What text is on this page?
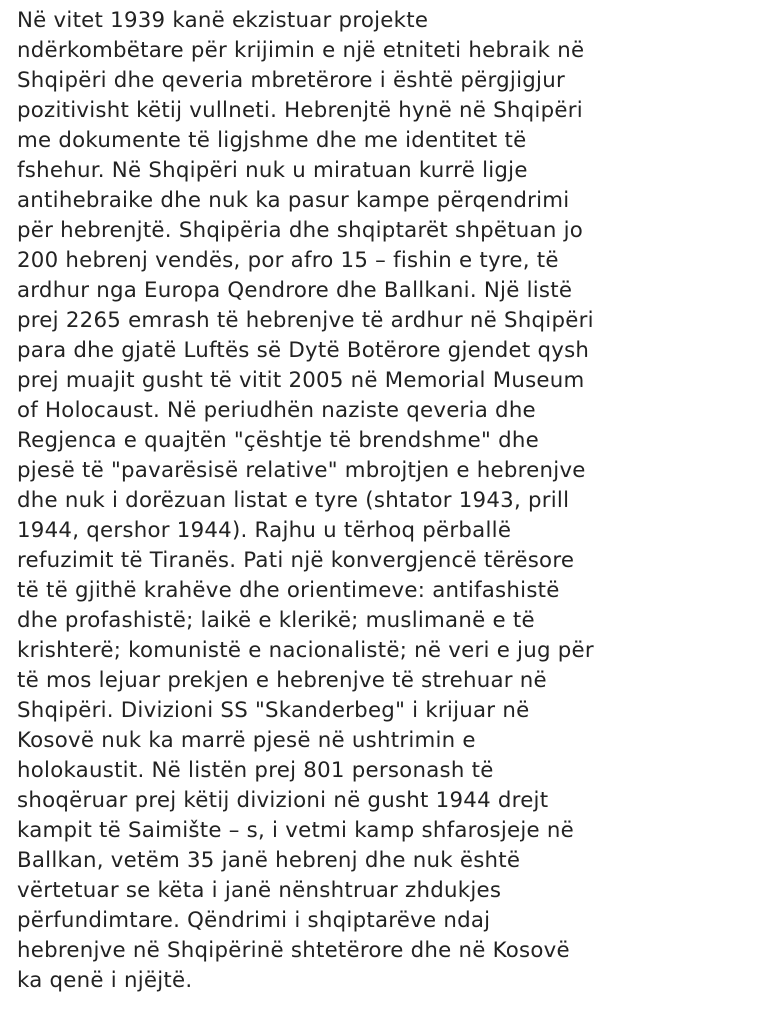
Në vitet 1939 kanë ekzistuar projekte
ndërkombëtare për krijimin e një etniteti hebraik në
Shqipëri dhe qeveria mbretërore i është përgjigjur
pozitivisht këtij vullneti. Hebrenjtë hynë në Shqipëri
me dokumente të ligjshme dhe me identitet të
fshehur. Në Shqipëri nuk u miratuan kurrë ligje
antihebraike dhe nuk ka pasur kampe përqendrimi
për hebrenjtë. Shqipëria dhe shqiptarët shpëtuan jo
200 hebrenj vendës, por afro 15 – fishin e tyre, të
ardhur nga Europa Qendrore dhe Ballkani. Një listë
prej 2265 emrash të hebrenjve të ardhur në Shqipëri
para dhe gjatë Luftës së Dytë Botërore gjendet qysh
prej muajit gusht të vitit 2005 në Memorial Museum
of Holocaust. Në periudhën naziste qeveria dhe
Regjenca e quajtën "çështje të brendshme" dhe
pjesë të "pavarësisë relative" mbrojtjen e hebrenjve
dhe nuk i dorëzuan listat e tyre (shtator 1943, prill
1944, qershor 1944). Rajhu u tërhoq përballë
refuzimit të Tiranës. Pati një konvergjencë tërësore
të të gjithë krahëve dhe orientimeve: antifashistë
dhe profashistë; laikë e klerikë; muslimanë e të
krishterë; komunistë e nacionalistë; në veri e jug për
të mos lejuar prekjen e hebrenjve të strehuar në
Shqipëri. Divizioni SS "Skanderbeg" i krijuar në
Kosovë nuk ka marrë pjesë në ushtrimin e
holokaustit. Në listën prej 801 personash të
shoqëruar prej këtij divizioni në gusht 1944 drejt
kampit të Saimište – s, i vetmi kamp shfarosjeje në
Ballkan, vetëm 35 janë hebrenj dhe nuk është
vërtetuar se këta i janë nënshtruar zhdukjes
përfundimtare. Qëndrimi i shqiptarëve ndaj
hebrenjve në Shqipërinë shtetërore dhe në Kosovë
ka qenë i njëjtë.
